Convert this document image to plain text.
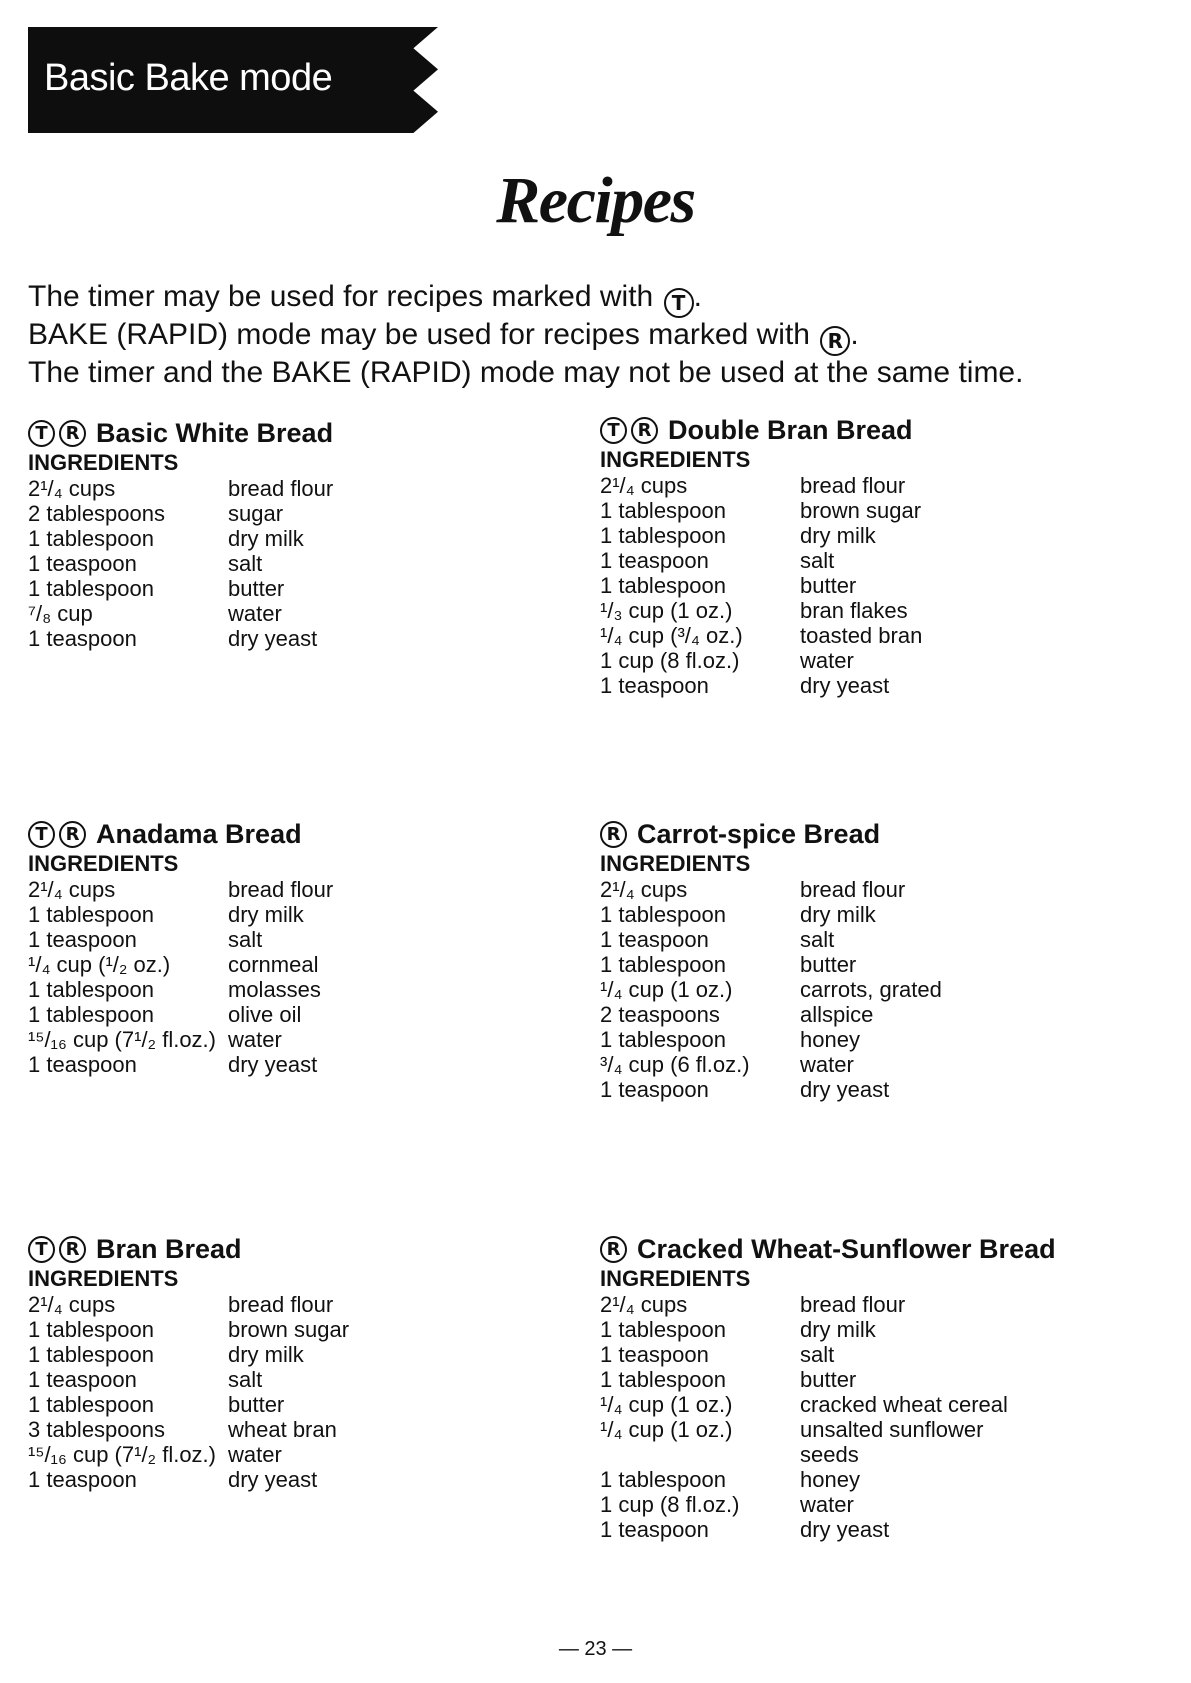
Basic Bake mode
Recipes
The timer may be used for recipes marked with T .
BAKE (RAPID) mode may be used for recipes marked with R .
The timer and the BAKE (RAPID) mode may not be used at the same time.
T R Basic White Bread
INGREDIENTS
2¹/₄ cups	bread flour
2 tablespoons	sugar
1 tablespoon	dry milk
1 teaspoon	salt
1 tablespoon	butter
⁷/₈ cup	water
1 teaspoon	dry yeast
T R Double Bran Bread
INGREDIENTS
2¹/₄ cups	bread flour
1 tablespoon	brown sugar
1 tablespoon	dry milk
1 teaspoon	salt
1 tablespoon	butter
¹/₃ cup (1 oz.)	bran flakes
¹/₄ cup (³/₄ oz.)	toasted bran
1 cup (8 fl.oz.)	water
1 teaspoon	dry yeast
T R Anadama Bread
INGREDIENTS
2¹/₄ cups	bread flour
1 tablespoon	dry milk
1 teaspoon	salt
¹/₄ cup (¹/₂ oz.)	cornmeal
1 tablespoon	molasses
1 tablespoon	olive oil
¹⁵/₁₆ cup (7¹/₂ fl.oz.) water
1 teaspoon	dry yeast
R Carrot-spice Bread
INGREDIENTS
2¹/₄ cups	bread flour
1 tablespoon	dry milk
1 teaspoon	salt
1 tablespoon	butter
¹/₄ cup (1 oz.)	carrots, grated
2 teaspoons	allspice
1 tablespoon	honey
³/₄ cup (6 fl.oz.)	water
1 teaspoon	dry yeast
T R Bran Bread
INGREDIENTS
2¹/₄ cups	bread flour
1 tablespoon	brown sugar
1 tablespoon	dry milk
1 teaspoon	salt
1 tablespoon	butter
3 tablespoons	wheat bran
¹⁵/₁₆ cup (7¹/₂ fl.oz.) water
1 teaspoon	dry yeast
R Cracked Wheat-Sunflower Bread
INGREDIENTS
2¹/₄ cups	bread flour
1 tablespoon	dry milk
1 teaspoon	salt
1 tablespoon	butter
¹/₄ cup (1 oz.)	cracked wheat cereal
¹/₄ cup (1 oz.)	unsalted sunflower
seeds
1 tablespoon	honey
1 cup (8 fl.oz.)	water
1 teaspoon	dry yeast
— 23 —
